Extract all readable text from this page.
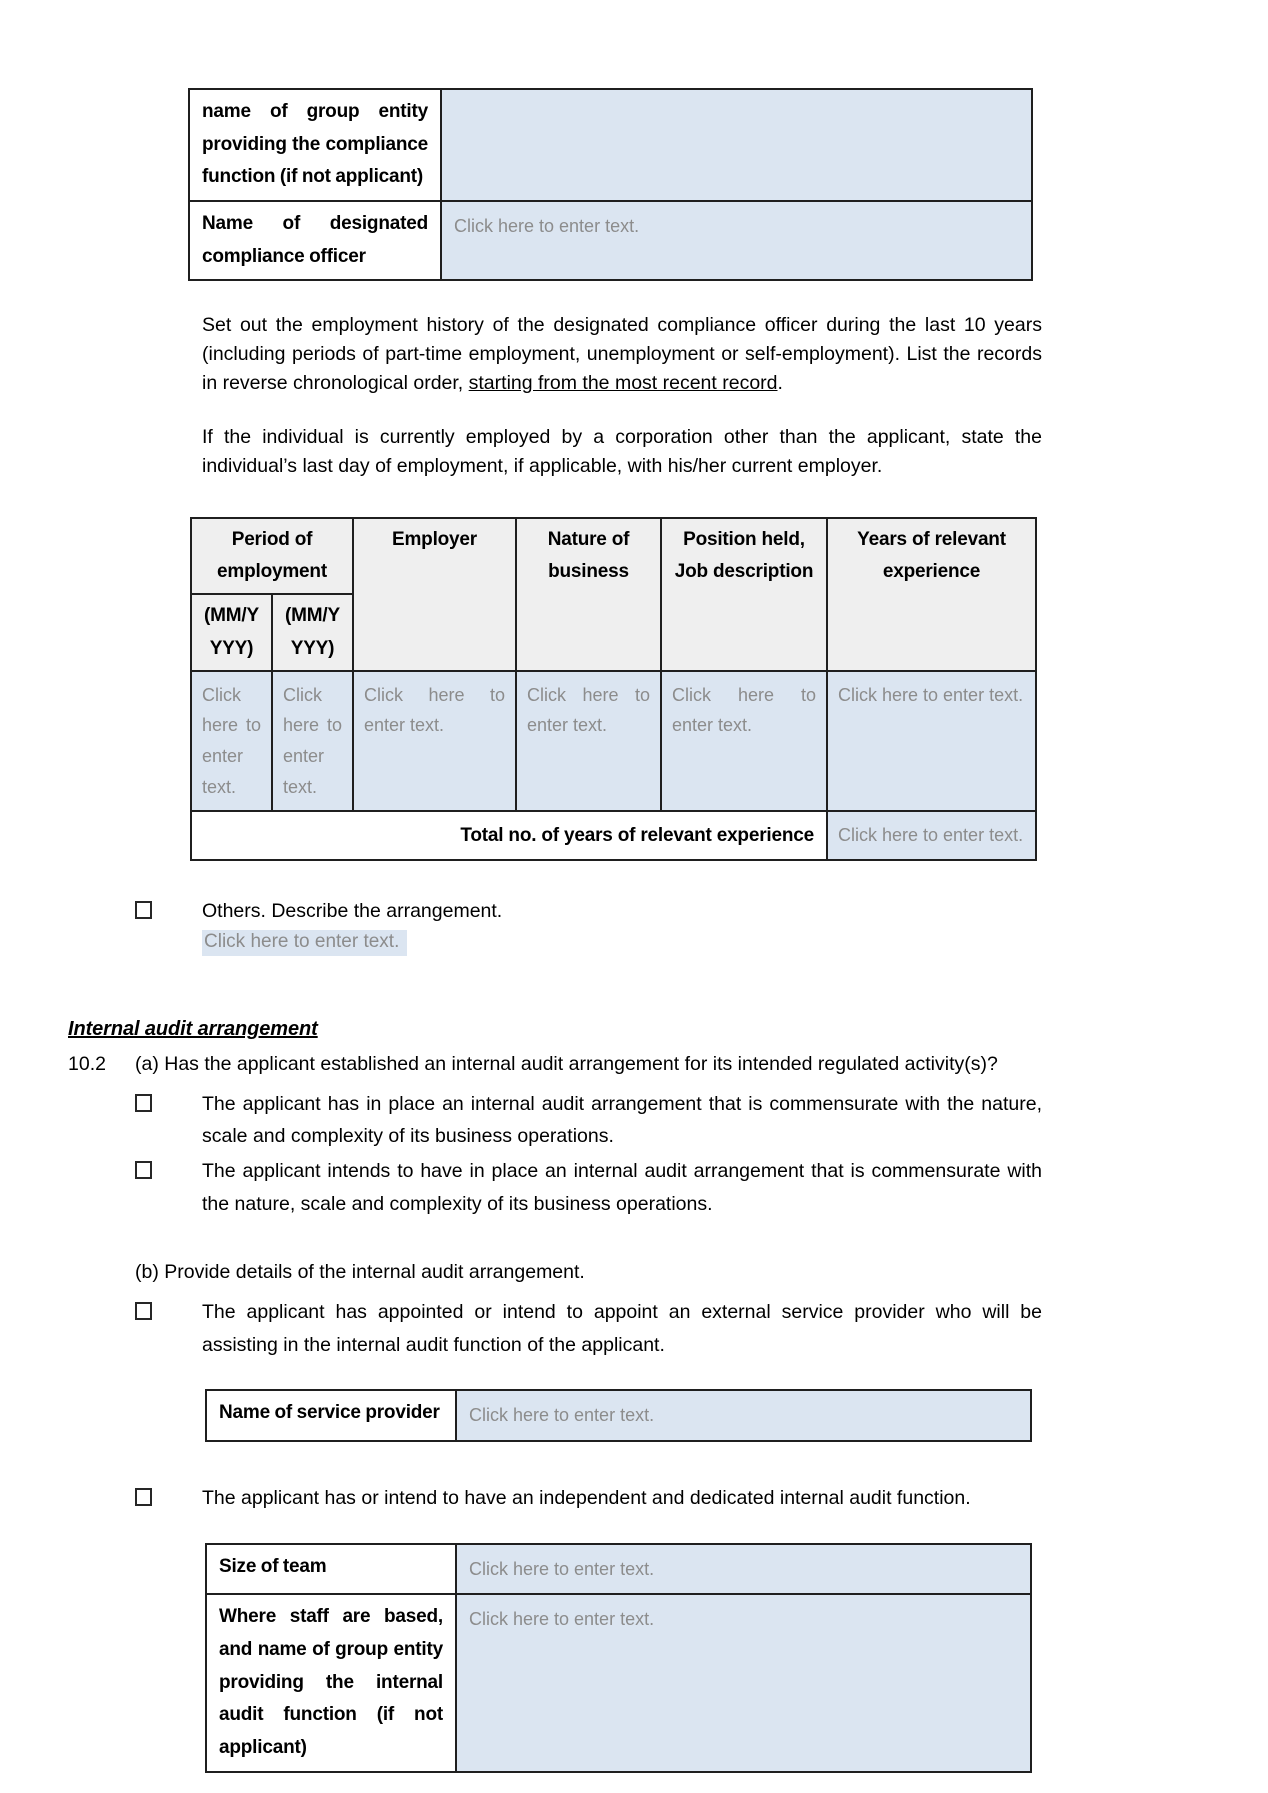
name of group entity providing the compliance function (if not applicant)	
Name of designated compliance officer	Click here to enter text.

Set out the employment history of the designated compliance officer during the last 10 years (including periods of part-time employment, unemployment or self-employment). List the records in reverse chronological order, starting from the most recent record.

If the individual is currently employed by a corporation other than the applicant, state the individual’s last day of employment, if applicable, with his/her current employer.

Period of employment		Employer	Nature of business	Position held, Job description	Years of relevant experience
(MM/YYYY)	(MM/YYYY)				

Click here to enter text.	Click here to enter text.	Click here to enter text.	Click here to enter text.	Click here to enter text.	Click here to enter text.
Total no. of years of relevant experience					Click here to enter text.
Others. Describe the arrangement.
Click here to enter text.
Internal audit arrangement
10.2	(a) Has the applicant established an internal audit arrangement for its intended regulated activity(s)?
The applicant has in place an internal audit arrangement that is commensurate with the nature, scale and complexity of its business operations.
The applicant intends to have in place an internal audit arrangement that is commensurate with the nature, scale and complexity of its business operations.
(b) Provide details of the internal audit arrangement.
The applicant has appointed or intend to appoint an external service provider who will be assisting in the internal audit function of the applicant.
Name of service provider	Click here to enter text.
The applicant has or intend to have an independent and dedicated internal audit function.
Size of team	Click here to enter text.
Where staff are based, and name of group entity providing the internal audit function (if not applicant)	Click here to enter text.
